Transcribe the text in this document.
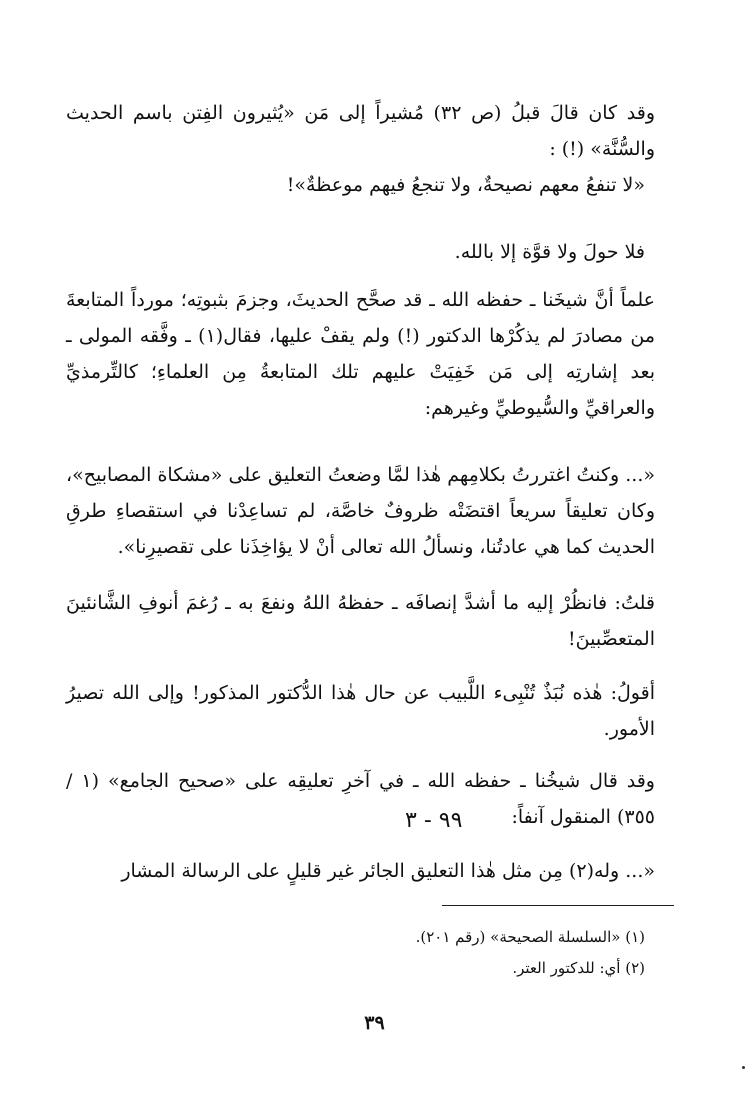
وقد كان قالَ قبلُ (ص ٣٢) مُشيراً إلى مَن «يُثيرون الفِتن باسم الحديث والسُّنَّة» (!) :
«لا تنفعُ معهم نصيحةٌ، ولا تنجعُ فيهم موعظةٌ»!
فلا حولَ ولا قوَّة إلا بالله.
علماً أنَّ شيخَنا ـ حفظه الله ـ قد صحَّح الحديثَ، وجزمَ بثبوتِه؛ مورداً المتابعةَ من مصادرَ لم يذكُرْها الدكتور (!) ولم يقفْ عليها، فقال(١) ـ وفَّقه المولى ـ بعد إشارتِه إلى مَن خَفِيَتْ عليهم تلك المتابعةُ مِن العلماءِ؛ كالتِّرمذيِّ والعراقيِّ والسُّيوطيِّ وغيرهم:
«... وكنتُ اغتررتُ بكلامِهم هٰذا لمَّا وضعتُ التعليق على «مشكاة المصابيح»، وكان تعليقاً سريعاً اقتضَتْه ظروفٌ خاصَّة، لم تساعِدْنا في استقصاءِ طرقِ الحديث كما هي عادتُنا، ونسألُ الله تعالى أنْ لا يؤاخِذَنا على تقصيرِنا».
قلتُ: فانظُرْ إليه ما أشدَّ إنصافَه ـ حفظهُ اللهُ ونفعَ به ـ رُغمَ أنوفِ الشَّانئينَ المتعصِّبينَ!
أقولُ: هٰذه نُبَذٌ تُنْبِىء اللَّبيب عن حال هٰذا الدُّكتور المذكور! وإلى الله تصيرُ الأمور.
وقد قال شيخُنا ـ حفظه الله ـ في آخرِ تعليقِه على «صحيح الجامع» (١ / ٣٥٥) المنقول آنفاً:
٩٩ - ٣
«... وله(٢) مِن مثل هٰذا التعليق الجائر غير قليلٍ على الرسالة المشار
(١) «السلسلة الصحيحة» (رقم ٢٠١).
(٢) أي: للدكتور العتر.
٣٩
